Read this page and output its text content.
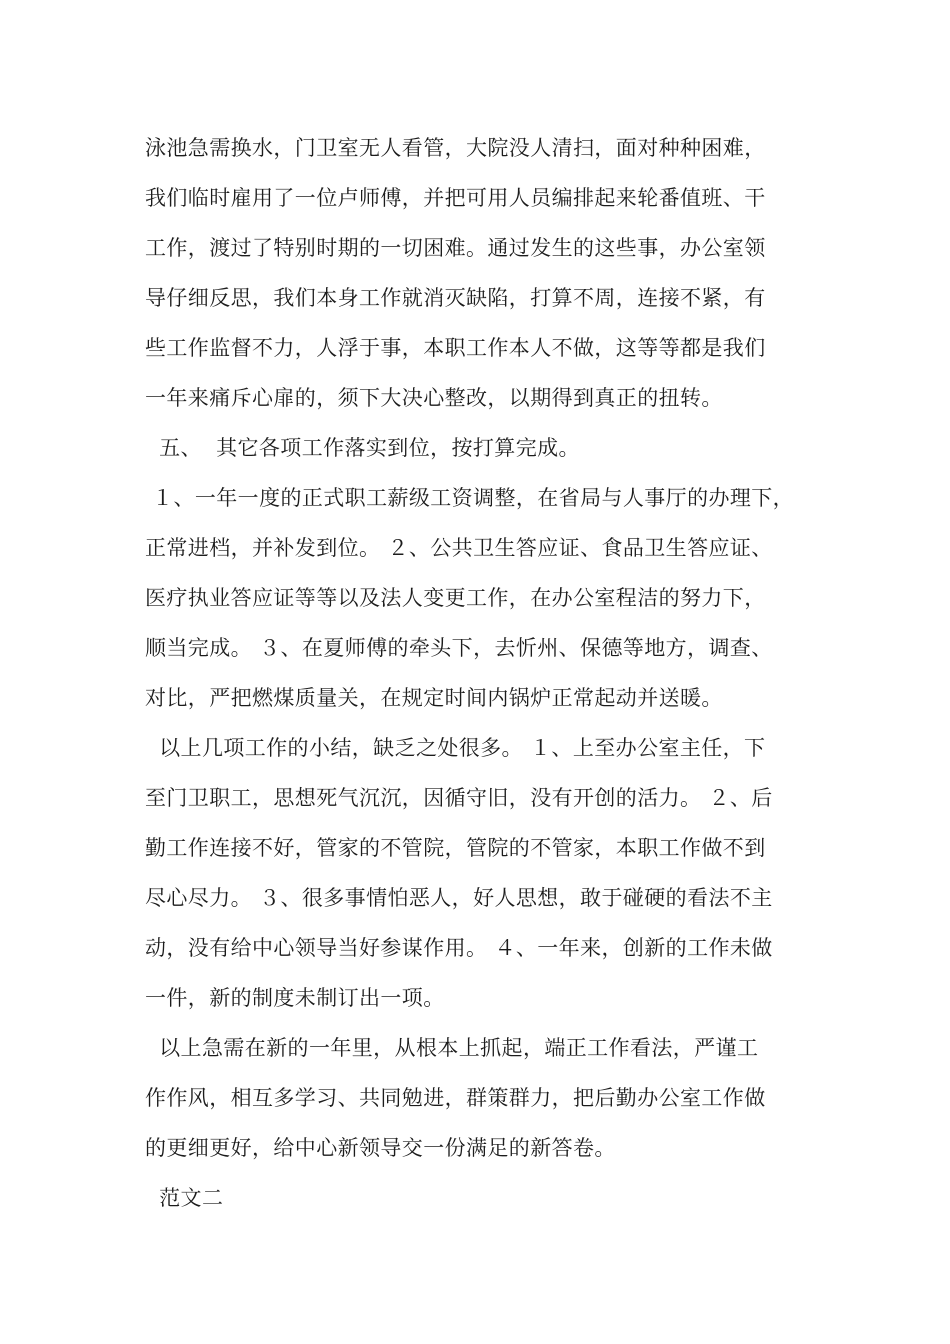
泳池急需换水，门卫室无人看管，大院没人清扫，面对种种困难，
我们临时雇用了一位卢师傅，并把可用人员编排起来轮番值班、干
工作，渡过了特别时期的一切困难。通过发生的这些事，办公室领
导仔细反思，我们本身工作就消灭缺陷，打算不周，连接不紧，有
些工作监督不力，人浮于事，本职工作本人不做，这等等都是我们
一年来痛斥心扉的，须下大决心整改，以期得到真正的扭转。
五、  其它各项工作落实到位，按打算完成。
１、一年一度的正式职工薪级工资调整，在省局与人事厅的办理下，
正常进档，并补发到位。 ２、公共卫生答应证、食品卫生答应证、
医疗执业答应证等等以及法人变更工作，在办公室程洁的努力下，
顺当完成。 ３、在夏师傅的牵头下，去忻州、保德等地方，调查、
对比，严把燃煤质量关，在规定时间内锅炉正常起动并送暖。
以上几项工作的小结，缺乏之处很多。 １、上至办公室主任，下
至门卫职工，思想死气沉沉，因循守旧，没有开创的活力。 ２、后
勤工作连接不好，管家的不管院，管院的不管家，本职工作做不到
尽心尽力。 ３、很多事情怕恶人，好人思想，敢于碰硬的看法不主
动，没有给中心领导当好参谋作用。 ４、一年来，创新的工作未做
一件，新的制度未制订出一项。
以上急需在新的一年里，从根本上抓起，端正工作看法，严谨工
作作风，相互多学习、共同勉进，群策群力，把后勤办公室工作做
的更细更好，给中心新领导交一份满足的新答卷。
范文二
